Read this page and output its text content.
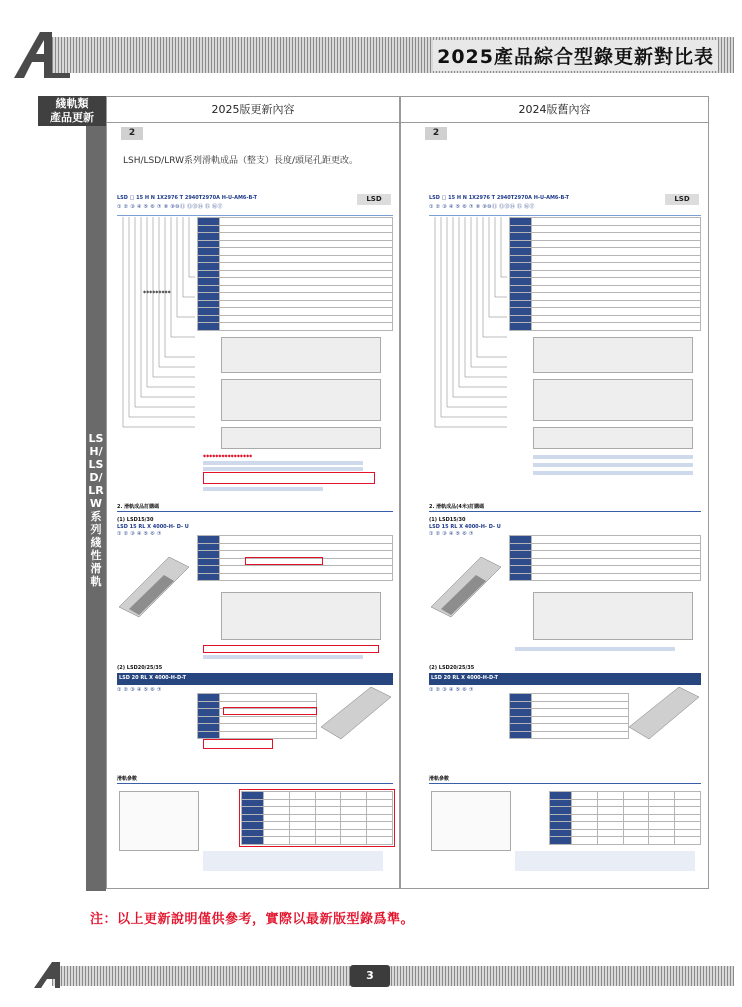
2025產品綜合型錄更新對比表
綫軌類
產品更新
LSH/LSD/LRW系列綫性滑軌
2025版更新內容
2
LSH/LSD/LRW系列滑軌成品（整支）長度/頭尾孔距更改。
LSD □ 15 H N 1X2976 T 2940T2970A H-U-AM6-B-T
① ② ③ ④ ⑤ ⑥ ⑦ ⑧ ⑨⑩⑪ ⑫⑬⑭ ⑮ ⑯⑰
LSD
◆◆◆◆◆◆◆◆◆

◆◆◆◆◆◆◆◆◆◆◆◆◆◆◆◆
2. 滑軌成品訂購碼
(1) LSD15/30
LSD 15 RL X 4000-H- D- U
① ② ③ ④ ⑤ ⑥ ⑦

(2) LSD20/25/35
LSD 20 RL X 4000-H-D-T
① ② ③ ④ ⑤ ⑥ ⑦

滑軌參數

2024版舊內容
2
LSD □ 15 H N 1X2976 T 2940T2970A H-U-AM6-B-T
① ② ③ ④ ⑤ ⑥ ⑦ ⑧ ⑨⑩⑪ ⑫⑬⑭ ⑮ ⑯⑰
LSD

2. 滑軌成品(4米)訂購碼
(1) LSD15/30
LSD 15 RL X 4000-H- D- U
① ② ③ ④ ⑤ ⑥ ⑦

(2) LSD20/25/35
LSD 20 RL X 4000-H-D-T
① ② ③ ④ ⑤ ⑥ ⑦

滑軌參數

注：以上更新說明僅供參考，實際以最新版型錄爲準。
3
